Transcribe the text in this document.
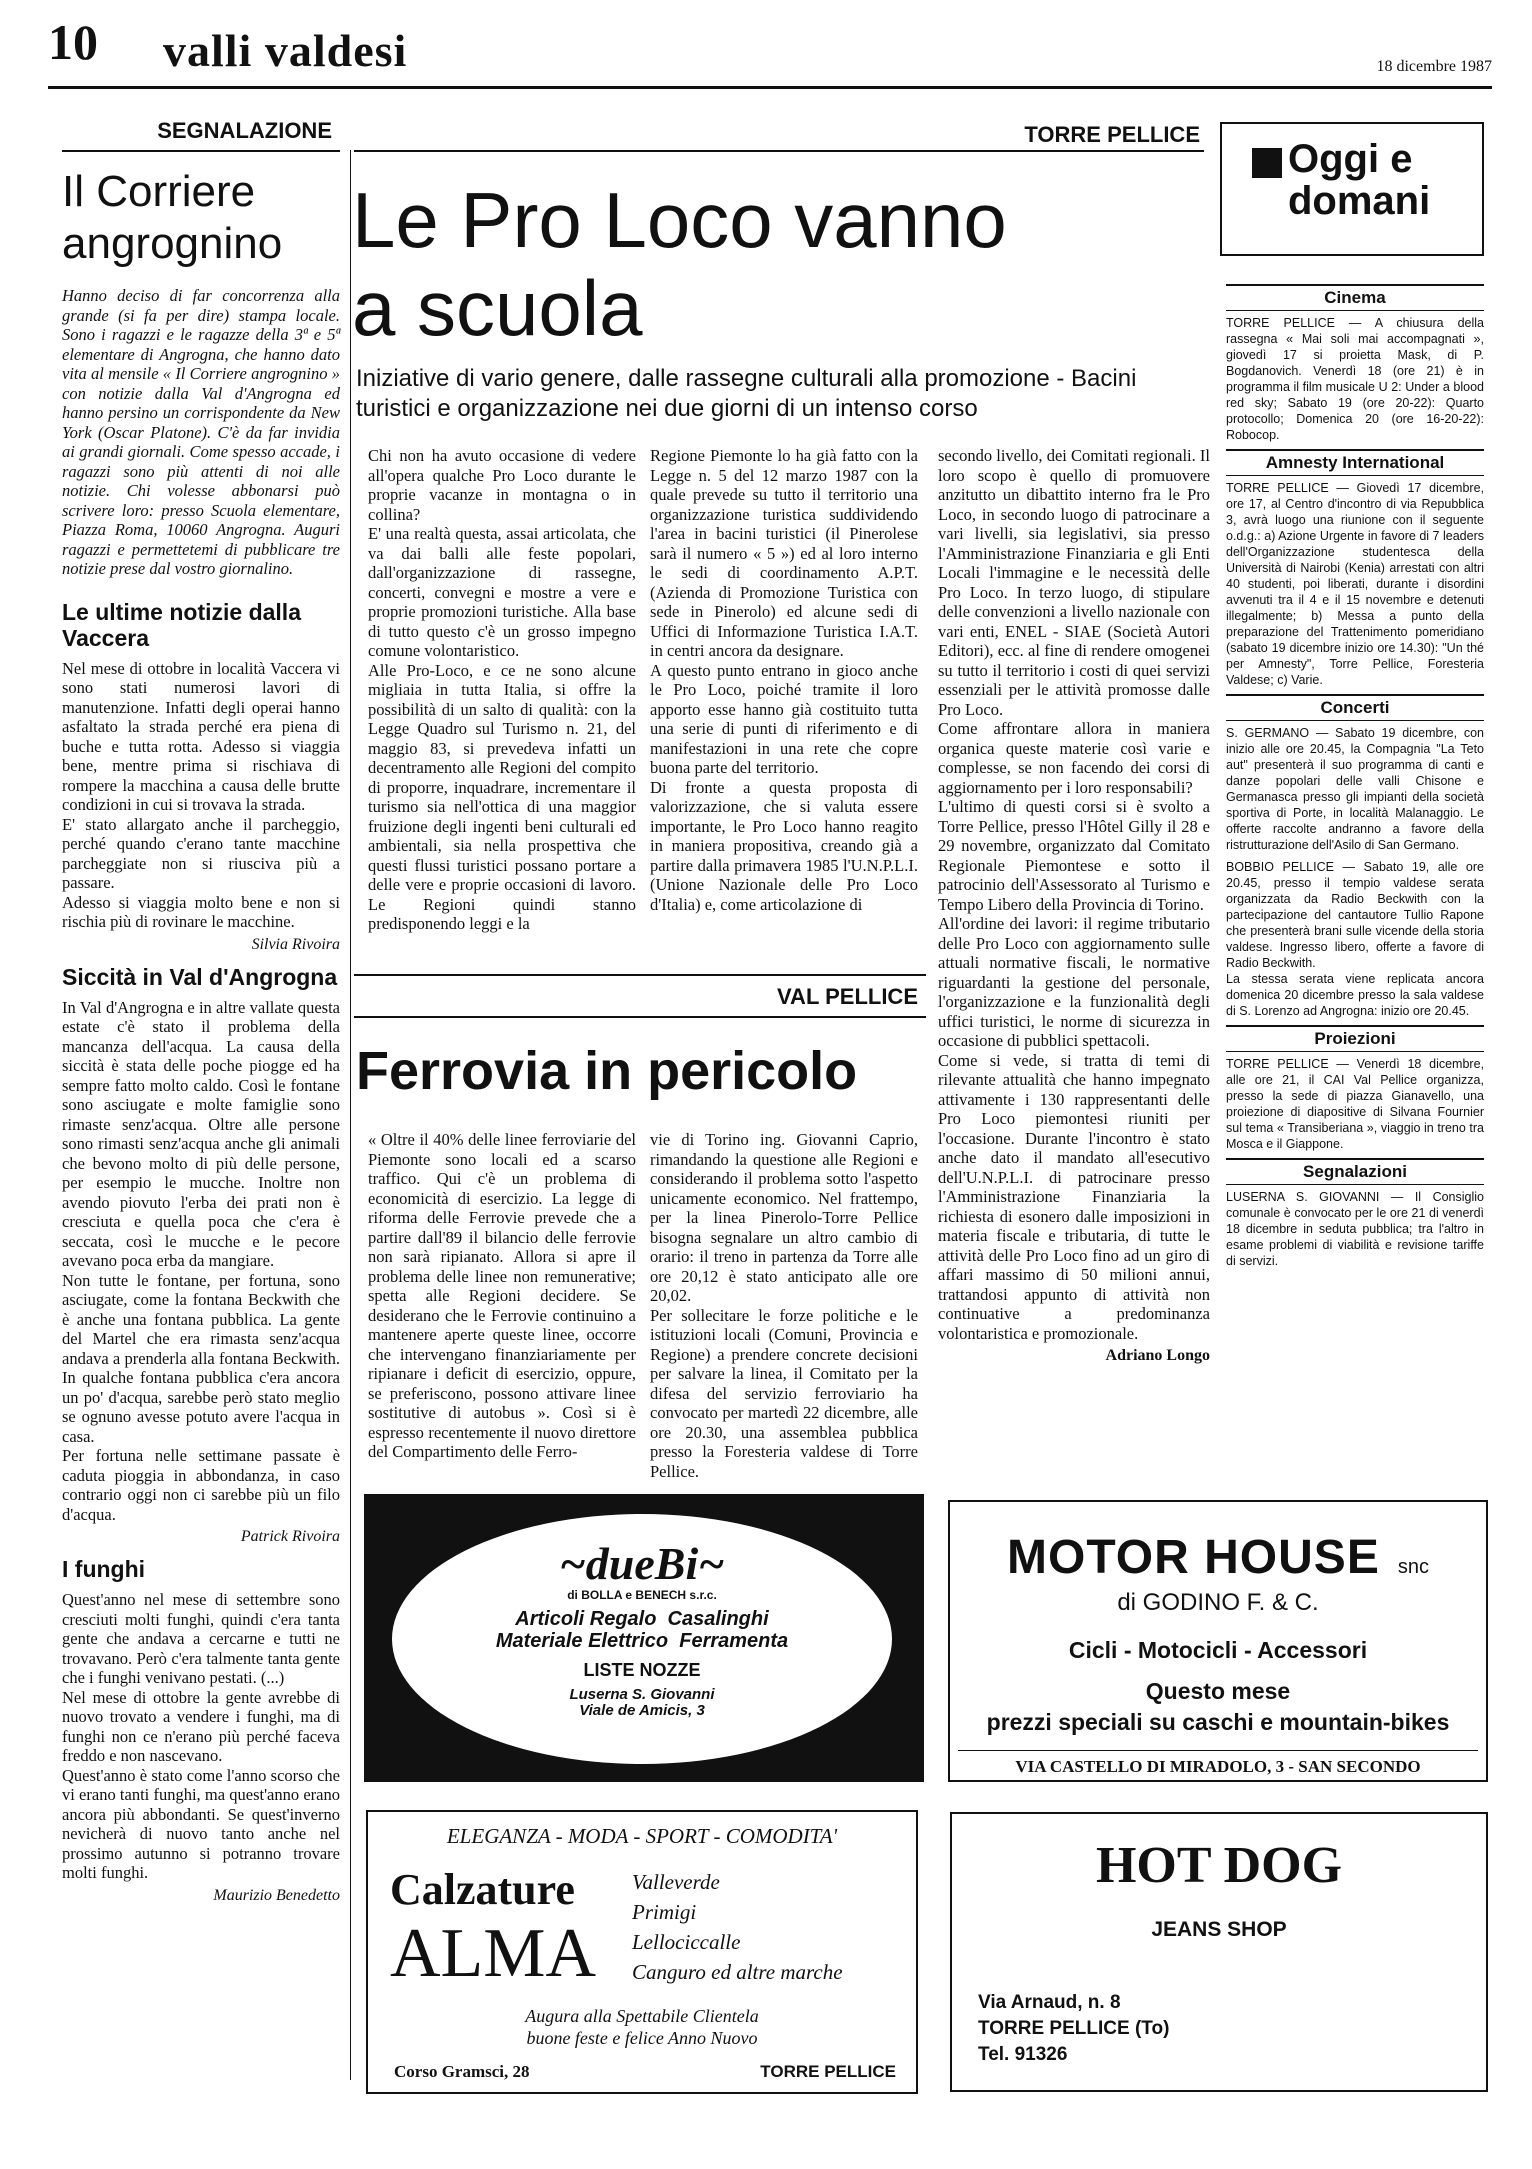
10 valli valdesi	18 dicembre 1987
SEGNALAZIONE
Il Corriere angrognino

Hanno deciso di far concorrenza alla grande (si fa per dire) stampa locale. Sono i ragazzi e le ragazze della 3ª e 5ª elementare di Angrogna, che hanno dato vita al mensile « Il Corriere angrognino » con notizie dalla Val d'Angrogna ed hanno persino un corrispondente da New York (Oscar Platone). C'è da far invidia ai grandi giornali. Come spesso accade, i ragazzi sono più attenti di noi alle notizie. Chi volesse abbonarsi può scrivere loro: presso Scuola elementare, Piazza Roma, 10060 Angrogna. Auguri ragazzi e permettetemi di pubblicare tre notizie prese dal vostro giornalino.

Le ultime notizie dalla Vaccera

Nel mese di ottobre in località Vaccera vi sono stati numerosi lavori di manutenzione. Infatti degli operai hanno asfaltato la strada perché era piena di buche e tutta rotta. Adesso si viaggia bene, mentre prima si rischiava di rompere la macchina a causa delle brutte condizioni in cui si trovava la strada.
E' stato allargato anche il parcheggio, perché quando c'erano tante macchine parcheggiate non si riusciva più a passare.
Adesso si viaggia molto bene e non si rischia più di rovinare le macchine.

Silvia Rivoira
Siccità in Val d'Angrogna

In Val d'Angrogna e in altre vallate questa estate c'è stato il problema della mancanza dell'acqua. La causa della siccità è stata delle poche piogge ed ha sempre fatto molto caldo. Così le fontane sono asciugate e molte famiglie sono rimaste senz'acqua. Oltre alle persone sono rimasti senz'acqua anche gli animali che bevono molto di più delle persone, per esempio le mucche. Inoltre non avendo piovuto l'erba dei prati non è cresciuta e quella poca che c'era è seccata, così le mucche e le pecore avevano poca erba da mangiare.
Non tutte le fontane, per fortuna, sono asciugate, come la fontana Beckwith che è anche una fontana pubblica. La gente del Martel che era rimasta senz'acqua andava a prenderla alla fontana Beckwith. In qualche fontana pubblica c'era ancora un po' d'acqua, sarebbe però stato meglio se ognuno avesse potuto avere l'acqua in casa.
Per fortuna nelle settimane passate è caduta pioggia in abbondanza, in caso contrario oggi non ci sarebbe più un filo d'acqua.

Patrick Rivoira
I funghi

Quest'anno nel mese di settembre sono cresciuti molti funghi, quindi c'era tanta gente che andava a cercarne e tutti ne trovavano. Però c'era talmente tanta gente che i funghi venivano pestati. (...)
Nel mese di ottobre la gente avrebbe di nuovo trovato a vendere i funghi, ma di funghi non ce n'erano più perché faceva freddo e non nascevano.
Quest'anno è stato come l'anno scorso che vi erano tanti funghi, ma quest'anno erano ancora più abbondanti. Se quest'inverno nevicherà di nuovo tanto anche nel prossimo autunno si potranno trovare molti funghi.

Maurizio Benedetto
TORRE PELLICE
Le Pro Loco vanno a scuola
Iniziative di vario genere, dalle rassegne culturali alla promozione - Bacini turistici e organizzazione nei due giorni di un intenso corso

Chi non ha avuto occasione di vedere all'opera qualche Pro Loco durante le proprie vacanze in montagna o in collina?
E' una realtà questa, assai articolata, che va dai balli alle feste popolari, dall'organizzazione di rassegne, concerti, convegni e mostre a vere e proprie promozioni turistiche. Alla base di tutto questo c'è un grosso impegno comune volontaristico.
Alle Pro-Loco, e ce ne sono alcune migliaia in tutta Italia, si offre la possibilità di un salto di qualità: con la Legge Quadro sul Turismo n. 21, del maggio 83, si prevedeva infatti un decentramento alle Regioni del compito di proporre, inquadrare, incrementare il turismo sia nell'ottica di una maggior fruizione degli ingenti beni culturali ed ambientali, sia nella prospettiva che questi flussi turistici possano portare a delle vere e proprie occasioni di lavoro. Le Regioni quindi stanno predisponendo leggi e la

Regione Piemonte lo ha già fatto con la Legge n. 5 del 12 marzo 1987 con la quale prevede su tutto il territorio una organizzazione turistica suddividendo l'area in bacini turistici (il Pinerolese sarà il numero « 5 ») ed al loro interno le sedi di coordinamento A.P.T. (Azienda di Promozione Turistica con sede in Pinerolo) ed alcune sedi di Uffici di Informazione Turistica I.A.T. in centri ancora da designare.
A questo punto entrano in gioco anche le Pro Loco, poiché tramite il loro apporto esse hanno già costituito tutta una serie di punti di riferimento e di manifestazioni in una rete che copre buona parte del territorio.
Di fronte a questa proposta di valorizzazione, che si valuta essere importante, le Pro Loco hanno reagito in maniera propositiva, creando già a partire dalla primavera 1985 l'U.N.P.L.I. (Unione Nazionale delle Pro Loco d'Italia) e, come articolazione di

secondo livello, dei Comitati regionali. Il loro scopo è quello di promuovere anzitutto un dibattito interno fra le Pro Loco, in secondo luogo di patrocinare a vari livelli, sia legislativi, sia presso l'Amministrazione Finanziaria e gli Enti Locali l'immagine e le necessità delle Pro Loco. In terzo luogo, di stipulare delle convenzioni a livello nazionale con vari enti, ENEL - SIAE (Società Autori Editori), ecc. al fine di rendere omogenei su tutto il territorio i costi di quei servizi essenziali per le attività promosse dalle Pro Loco.
Come affrontare allora in maniera organica queste materie così varie e complesse, se non facendo dei corsi di aggiornamento per i loro responsabili?
L'ultimo di questi corsi si è svolto a Torre Pellice, presso l'Hôtel Gilly il 28 e 29 novembre, organizzato dal Comitato Regionale Piemontese e sotto il patrocinio dell'Assessorato al Turismo e Tempo Libero della Provincia di Torino.
All'ordine dei lavori: il regime tributario delle Pro Loco con aggiornamento sulle attuali normative fiscali, le normative riguardanti la gestione del personale, l'organizzazione e la funzionalità degli uffici turistici, le norme di sicurezza in occasione di pubblici spettacoli.
Come si vede, si tratta di temi di rilevante attualità che hanno impegnato attivamente i 130 rappresentanti delle Pro Loco piemontesi riuniti per l'occasione. Durante l'incontro è stato anche dato il mandato all'esecutivo dell'U.N.P.L.I. di patrocinare presso l'Amministrazione Finanziaria la richiesta di esonero dalle imposizioni in materia fiscale e tributaria, di tutte le attività delle Pro Loco fino ad un giro di affari massimo di 50 milioni annui, trattandosi appunto di attività non continuative a predominanza volontaristica e promozionale.

Adriano Longo
VAL PELLICE
Ferrovia in pericolo

« Oltre il 40% delle linee ferroviarie del Piemonte sono locali ed a scarso traffico. Qui c'è un problema di economicità di esercizio. La legge di riforma delle Ferrovie prevede che a partire dall'89 il bilancio delle ferrovie non sarà ripianato. Allora si apre il problema delle linee non remunerative; spetta alle Regioni decidere. Se desiderano che le Ferrovie continuino a mantenere aperte queste linee, occorre che intervengano finanziariamente per ripianare i deficit di esercizio, oppure, se preferiscono, possono attivare linee sostitutive di autobus ». Così si è espresso recentemente il nuovo direttore del Compartimento delle Ferro-

vie di Torino ing. Giovanni Caprio, rimandando la questione alle Regioni e considerando il problema sotto l'aspetto unicamente economico. Nel frattempo, per la linea Pinerolo-Torre Pellice bisogna segnalare un altro cambio di orario: il treno in partenza da Torre alle ore 20,12 è stato anticipato alle ore 20,02.
Per sollecitare le forze politiche e le istituzioni locali (Comuni, Provincia e Regione) a prendere concrete decisioni per salvare la linea, il Comitato per la difesa del servizio ferroviario ha convocato per martedì 22 dicembre, alle ore 20.30, una assemblea pubblica presso la Foresteria valdese di Torre Pellice.

Oggi e domani
Cinema

TORRE PELLICE — A chiusura della rassegna « Mai soli mai accompagnati », giovedì 17 si proietta Mask, di P. Bogdanovich. Venerdì 18 (ore 21) è in programma il film musicale U 2: Under a blood red sky; Sabato 19 (ore 20-22): Quarto protocollo; Domenica 20 (ore 16-20-22): Robocop.

Amnesty International

TORRE PELLICE — Giovedì 17 dicembre, ore 17, al Centro d'incontro di via Repubblica 3, avrà luogo una riunione con il seguente o.d.g.: a) Azione Urgente in favore di 7 leaders dell'Organizzazione studentesca della Università di Nairobi (Kenia) arrestati con altri 40 studenti, poi liberati, durante i disordini avvenuti tra il 4 e il 15 novembre e detenuti illegalmente; b) Messa a punto della preparazione del Trattenimento pomeridiano (sabato 19 dicembre inizio ore 14.30): "Un thé per Amnesty", Torre Pellice, Foresteria Valdese; c) Varie.

Concerti

S. GERMANO — Sabato 19 dicembre, con inizio alle ore 20.45, la Compagnia "La Teto aut" presenterà il suo programma di canti e danze popolari delle valli Chisone e Germanasca presso gli impianti della società sportiva di Porte, in località Malanaggio. Le offerte raccolte andranno a favore della ristrutturazione dell'Asilo di San Germano.

BOBBIO PELLICE — Sabato 19, alle ore 20.45, presso il tempio valdese serata organizzata da Radio Beckwith con la partecipazione del cantautore Tullio Rapone che presenterà brani sulle vicende della storia valdese. Ingresso libero, offerte a favore di Radio Beckwith.
La stessa serata viene replicata ancora domenica 20 dicembre presso la sala valdese di S. Lorenzo ad Angrogna: inizio ore 20.45.

Proiezioni

TORRE PELLICE — Venerdì 18 dicembre, alle ore 21, il CAI Val Pellice organizza, presso la sede di piazza Gianavello, una proiezione di diapositive di Silvana Fournier sul tema « Transiberiana », viaggio in treno tra Mosca e il Giappone.

Segnalazioni

LUSERNA S. GIOVANNI — Il Consiglio comunale è convocato per le ore 21 di venerdì 18 dicembre in seduta pubblica; tra l'altro in esame problemi di viabilità e revisione tariffe di servizi.

~dueBi~
di BOLLA e BENECH s.r.c.
Articoli Regalo  Casalinghi
Materiale Elettrico  Ferramenta
LISTE NOZZE
Luserna S. Giovanni
Viale de Amicis, 3
MOTOR HOUSE snc
di GODINO F. & C.
Cicli - Motocicli - Accessori
Questo mese
prezzi speciali su caschi e mountain-bikes
VIA CASTELLO DI MIRADOLO, 3 - SAN SECONDO
ELEGANZA - MODA - SPORT - COMODITA'
Calzature
ALMA
Valleverde
Primigi
Lellociccalle
Canguro ed altre marche
Augura alla Spettabile Clientela
buone feste e felice Anno Nuovo
Corso Gramsci, 28	TORRE PELLICE
HOT DOG
JEANS SHOP
Via Arnaud, n. 8
TORRE PELLICE (To)
Tel. 91326
